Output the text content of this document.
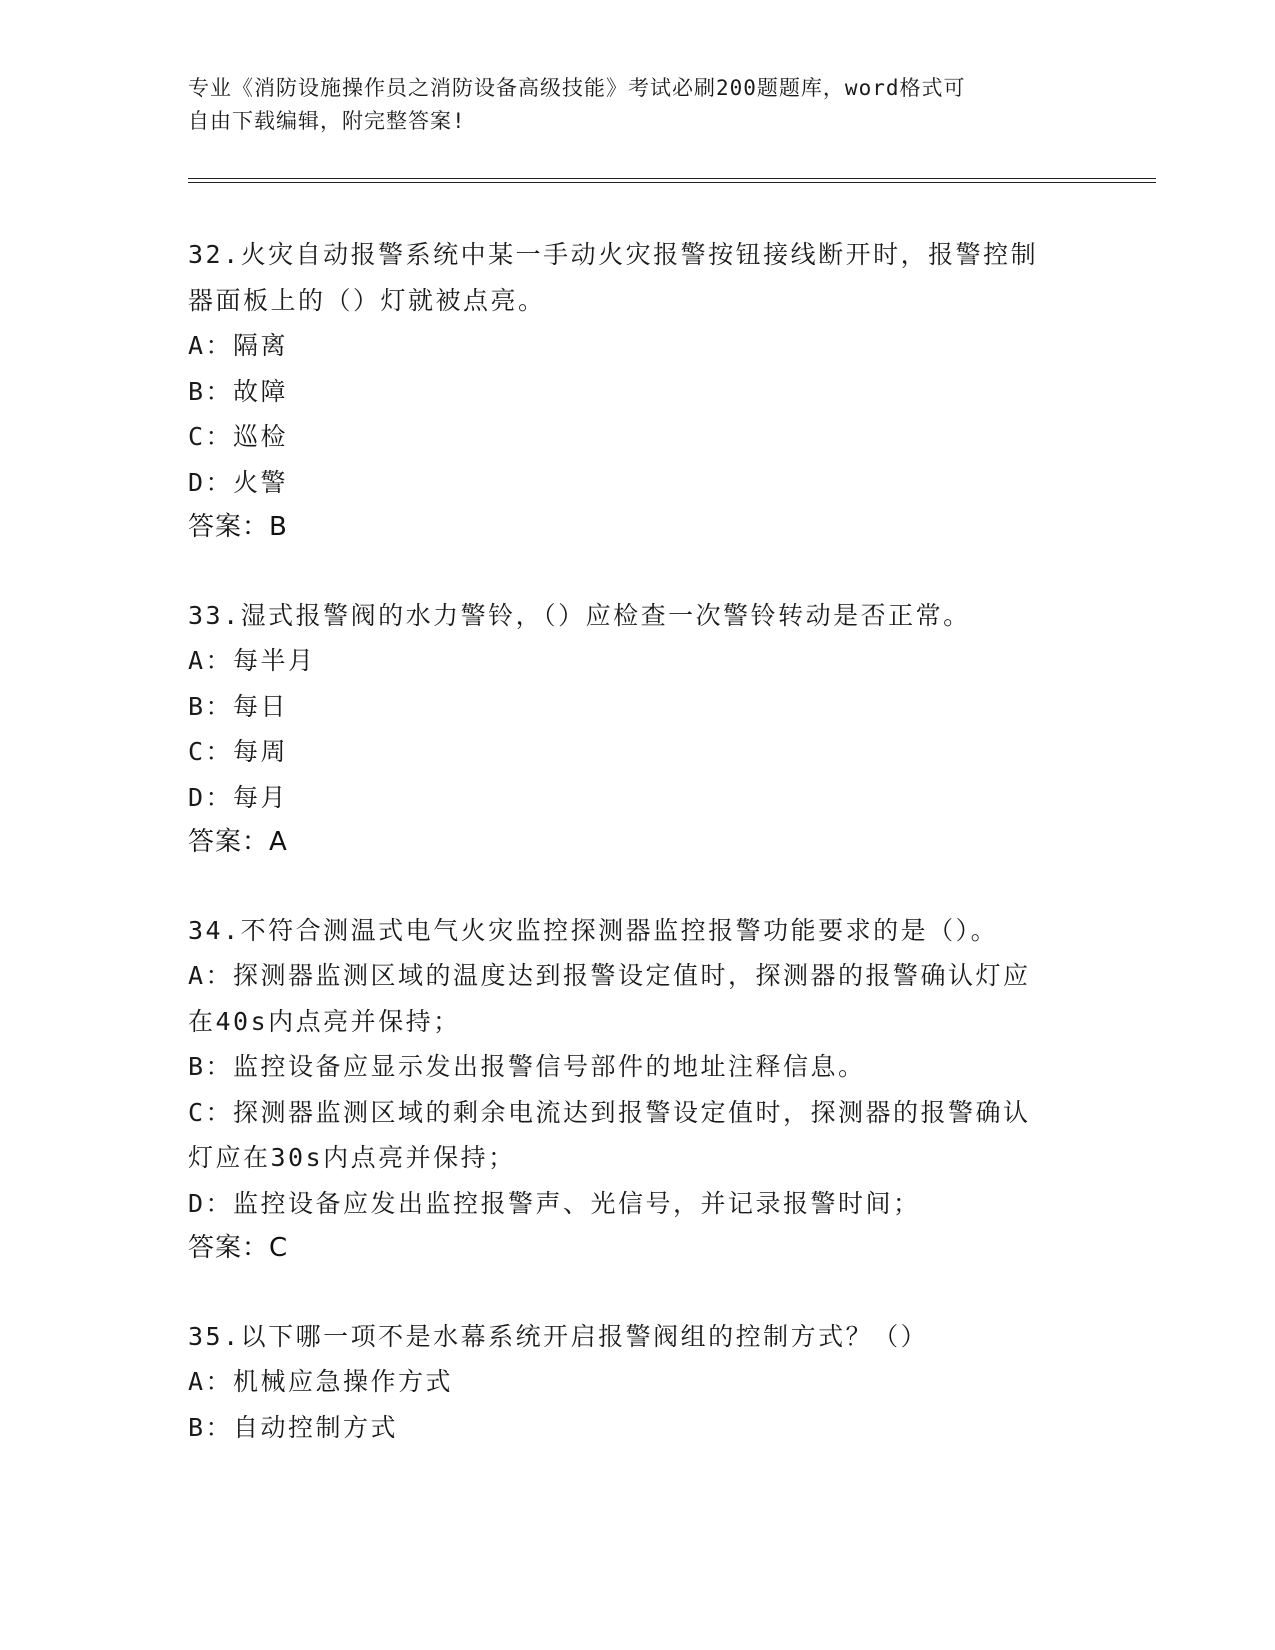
专业《消防设施操作员之消防设备高级技能》考试必刷200题题库，word格式可
自由下载编辑，附完整答案!
32.火灾自动报警系统中某一手动火灾报警按钮接线断开时，报警控制
器面板上的（）灯就被点亮。
A：隔离
B：故障
C：巡检
D：火警
答案：B
33.湿式报警阀的水力警铃，（）应检查一次警铃转动是否正常。
A：每半月
B：每日
C：每周
D：每月
答案：A
34.不符合测温式电气火灾监控探测器监控报警功能要求的是（）。
A：探测器监测区域的温度达到报警设定值时，探测器的报警确认灯应
在40s内点亮并保持；
B：监控设备应显示发出报警信号部件的地址注释信息。
C：探测器监测区域的剩余电流达到报警设定值时，探测器的报警确认
灯应在30s内点亮并保持；
D：监控设备应发出监控报警声、光信号，并记录报警时间；
答案：C
35.以下哪一项不是水幕系统开启报警阀组的控制方式？（）
A：机械应急操作方式
B：自动控制方式
